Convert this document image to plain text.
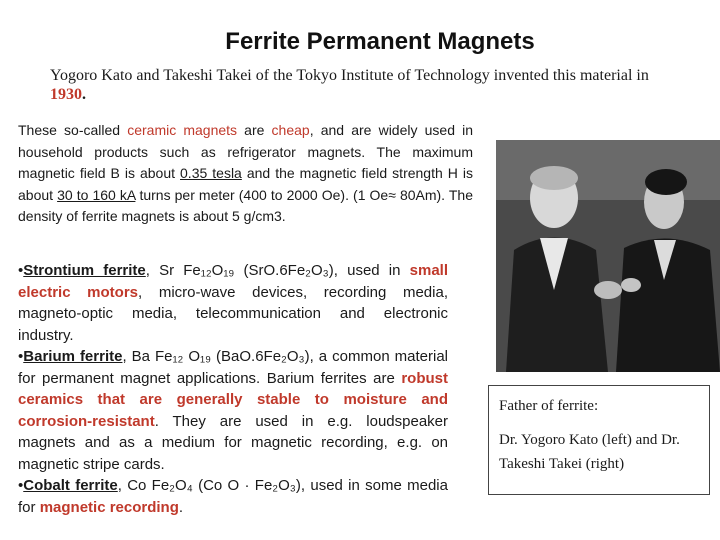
Ferrite Permanent Magnets
Yogoro Kato and Takeshi Takei of the Tokyo Institute of Technology invented this material in 1930.
These so-called ceramic magnets are cheap, and are widely used in household products such as refrigerator magnets. The maximum magnetic field B is about 0.35 tesla and the magnetic field strength H is about 30 to 160 kA turns per meter (400 to 2000 Oe). (1 Oe≈ 80Am). The density of ferrite magnets is about 5 g/cm3.

•Strontium ferrite, Sr Fe₁₂O₁₉ (SrO.6Fe₂O₃), used in small electric motors, micro-wave devices, recording media, magneto-optic media, telecommunication and electronic industry.

•Barium ferrite, Ba Fe₁₂ O₁₉ (BaO.6Fe₂O₃), a common material for permanent magnet applications. Barium ferrites are robust ceramics that are generally stable to moisture and corrosion-resistant. They are used in e.g. loudspeaker magnets and as a medium for magnetic recording, e.g. on magnetic stripe cards.

•Cobalt ferrite, Co Fe₂O₄ (Co O · Fe₂O₃), used in some media for magnetic recording.

Father of ferrite:

Dr. Yogoro Kato (left) and Dr. Takeshi Takei (right)
